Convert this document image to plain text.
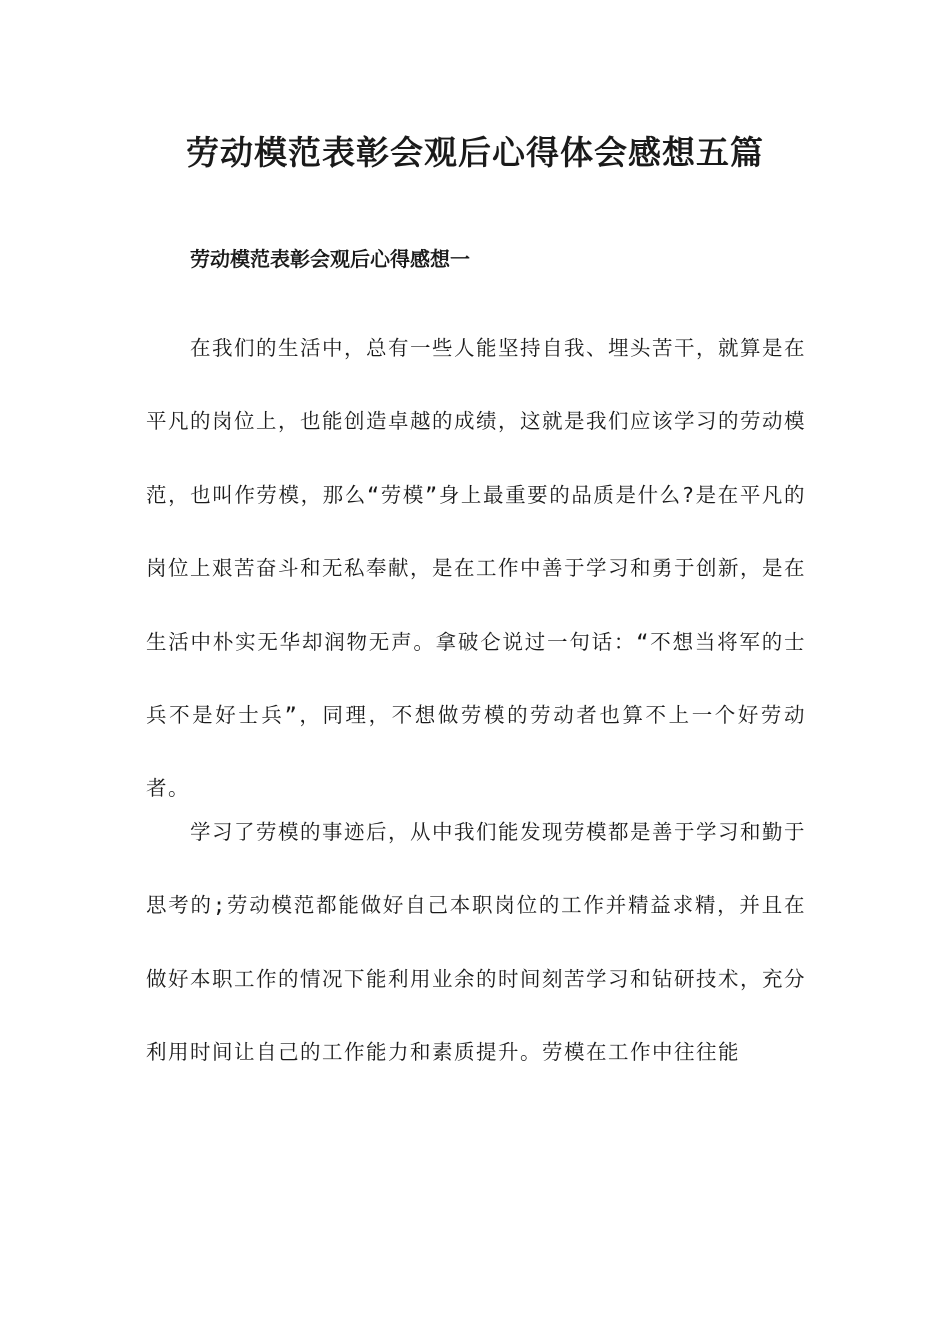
劳动模范表彰会观后心得体会感想五篇
劳动模范表彰会观后心得感想一

在我们的生活中，总有一些人能坚持自我、埋头苦干，就算是在平凡的岗位上，也能创造卓越的成绩，这就是我们应该学习的劳动模范，也叫作劳模，那么“劳模”身上最重要的品质是什么?是在平凡的岗位上艰苦奋斗和无私奉献，是在工作中善于学习和勇于创新，是在生活中朴实无华却润物无声。拿破仑说过一句话：“不想当将军的士兵不是好士兵”，同理，不想做劳模的劳动者也算不上一个好劳动者。

学习了劳模的事迹后，从中我们能发现劳模都是善于学习和勤于思考的;劳动模范都能做好自己本职岗位的工作并精益求精，并且在做好本职工作的情况下能利用业余的时间刻苦学习和钻研技术，充分利用时间让自己的工作能力和素质提升。劳模在工作中往往能
